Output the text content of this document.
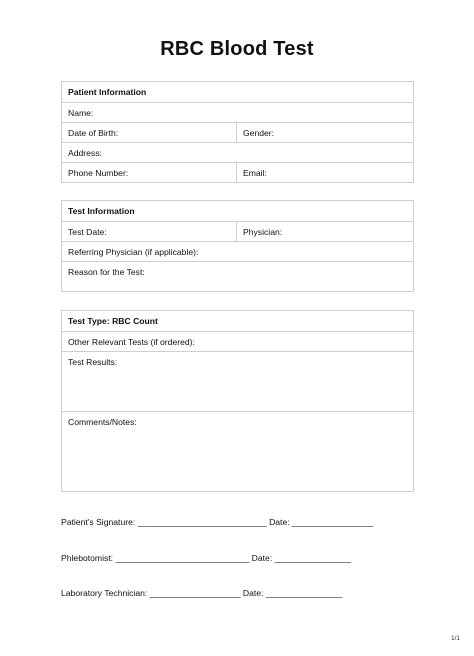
RBC Blood Test
Patient Information	
Name:	
Date of Birth:	Gender:
Address:	
Phone Number:	Email:
Test Information
Test Date:	Physician:
Referring Physician (if applicable):
Reason for the Test:
Test Type: RBC Count
Other Relevant Tests (if ordered):
Test Results:
Comments/Notes:
Patient's Signature: ___________________________ Date: _________________
Phlebotomist: ____________________________ Date: ________________
Laboratory Technician: ___________________ Date: ________________
1/1
